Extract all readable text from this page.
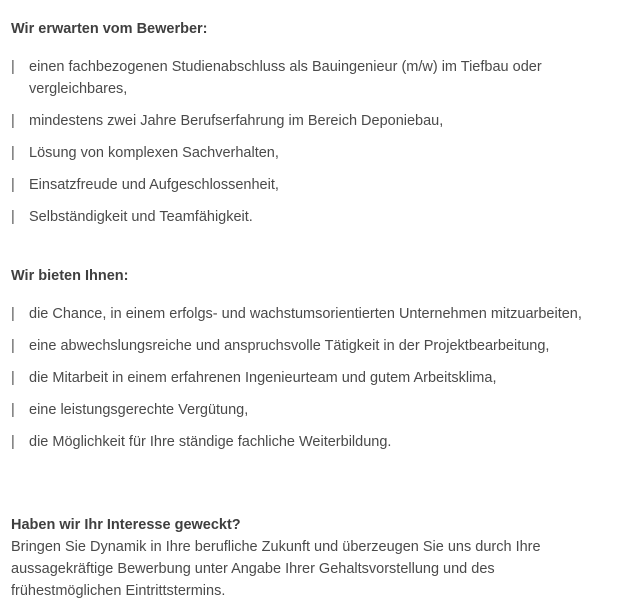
Wir erwarten vom Bewerber:

| einen fachbezogenen Studienabschluss als Bauingenieur (m/w) im Tiefbau oder vergleichbares,
| mindestens zwei Jahre Berufserfahrung im Bereich Deponiebau,
| Lösung von komplexen Sachverhalten,
| Einsatzfreude und Aufgeschlossenheit,
| Selbständigkeit und Teamfähigkeit.

Wir bieten Ihnen:

| die Chance, in einem erfolgs- und wachstumsorientierten Unternehmen mitzuarbeiten,
| eine abwechslungsreiche und anspruchsvolle Tätigkeit in der Projektbearbeitung,
| die Mitarbeit in einem erfahrenen Ingenieurteam und gutem Arbeitsklima,
| eine leistungsgerechte Vergütung,
| die Möglichkeit für Ihre ständige fachliche Weiterbildung.

Haben wir Ihr Interesse geweckt?

Bringen Sie Dynamik in Ihre berufliche Zukunft und überzeugen Sie uns durch Ihre aussagekräftige Bewerbung unter Angabe Ihrer Gehaltsvorstellung und des frühestmöglichen Eintrittstermins.
